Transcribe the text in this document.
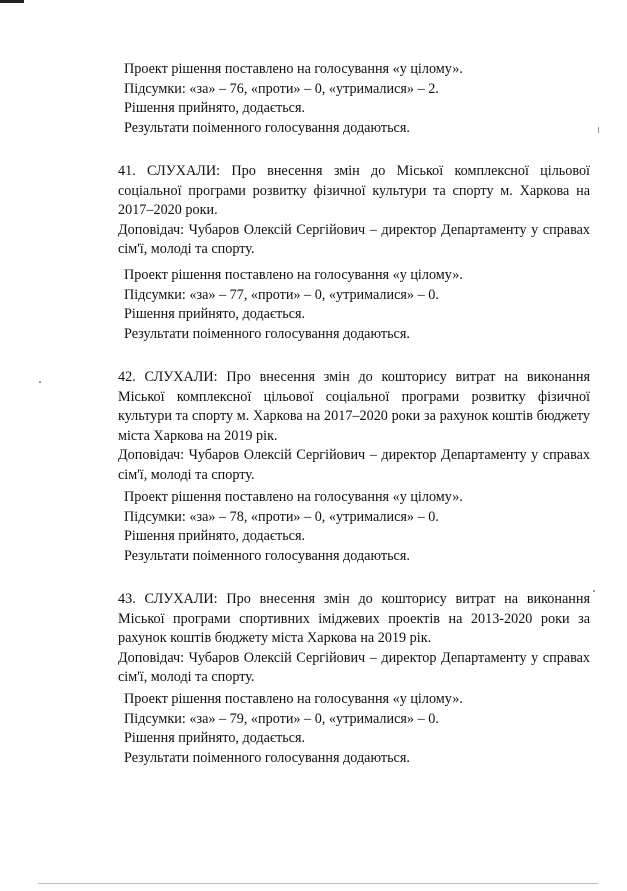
Проект рішення поставлено на голосування «у цілому».
Підсумки: «за» – 76, «проти» – 0, «утрималися» – 2.
Рішення прийнято, додається.
Результати поіменного голосування додаються.

41. СЛУХАЛИ: Про внесення змін до Міської комплексної цільової соціальної програми розвитку фізичної культури та спорту м. Харкова на 2017–2020 роки.

Доповідач: Чубаров Олексій Сергійович – директор Департаменту у справах сім'ї, молоді та спорту.

Проект рішення поставлено на голосування «у цілому».
Підсумки: «за» – 77, «проти» – 0, «утрималися» – 0.
Рішення прийнято, додається.
Результати поіменного голосування додаються.

42. СЛУХАЛИ: Про внесення змін до кошторису витрат на виконання Міської комплексної цільової соціальної програми розвитку фізичної культури та спорту м. Харкова на 2017–2020 роки за рахунок коштів бюджету міста Харкова на 2019 рік.

Доповідач: Чубаров Олексій Сергійович – директор Департаменту у справах сім'ї, молоді та спорту.

Проект рішення поставлено на голосування «у цілому».
Підсумки: «за» – 78, «проти» – 0, «утрималися» – 0.
Рішення прийнято, додається.
Результати поіменного голосування додаються.

43. СЛУХАЛИ: Про внесення змін до кошторису витрат на виконання Міської програми спортивних іміджевих проектів на 2013-2020 роки за рахунок коштів бюджету міста Харкова на 2019 рік.

Доповідач: Чубаров Олексій Сергійович – директор Департаменту у справах сім'ї, молоді та спорту.

Проект рішення поставлено на голосування «у цілому».
Підсумки: «за» – 79, «проти» – 0, «утрималися» – 0.
Рішення прийнято, додається.
Результати поіменного голосування додаються.
